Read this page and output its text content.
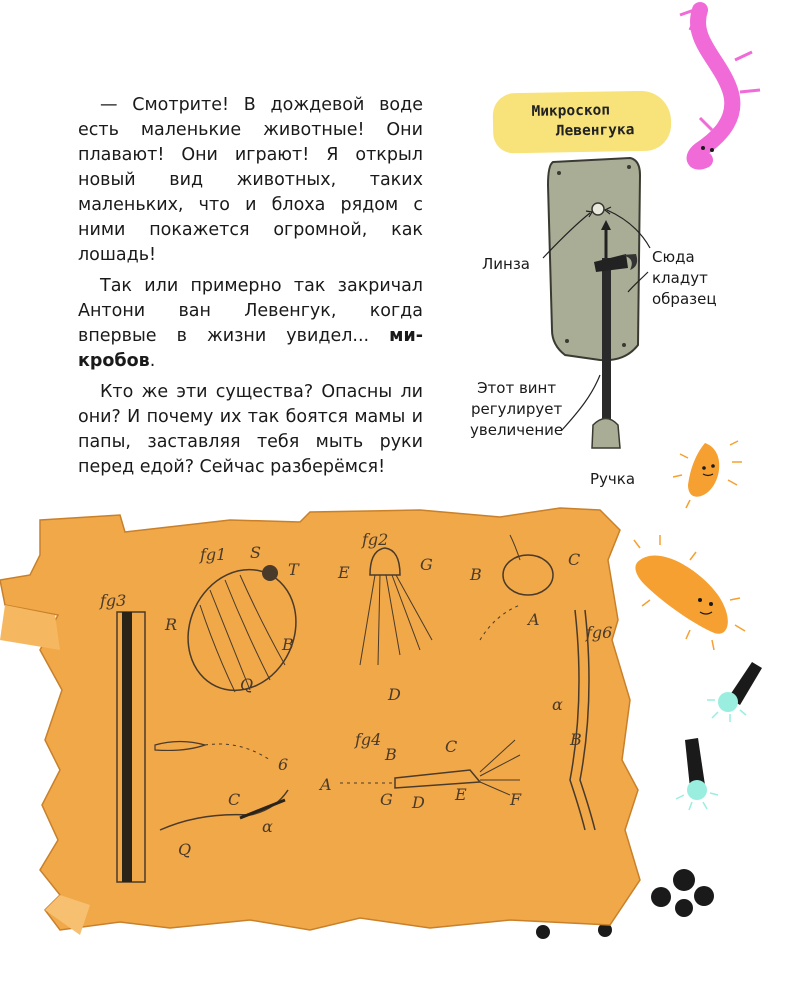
— Смотрите! В дождевой воде есть маленькие животные! Они плавают! Они играют! Я открыл новый вид животных, таких маленьких, что и блоха рядом с ними покажется огромной, как лошадь!

Так или примерно так закричал Антони ван Левенгук, когда впервые в жизни увидел... микробов.

Кто же эти существа? Опасны ли они? И почему их так боятся мамы и папы, заставляя тебя мыть руки перед едой? Сейчас разберёмся!

Микроскоп
Левенгука
fg3
fg1
fg2
fg4
fg6
S
T
R
B
Q
E	G
D
B
C
A
6
C
α
Q
A
B	C
G D E	F
α
B
Линза	Сюда
кладут
образец
Этот винт
регулирует
увеличение
Ручка
